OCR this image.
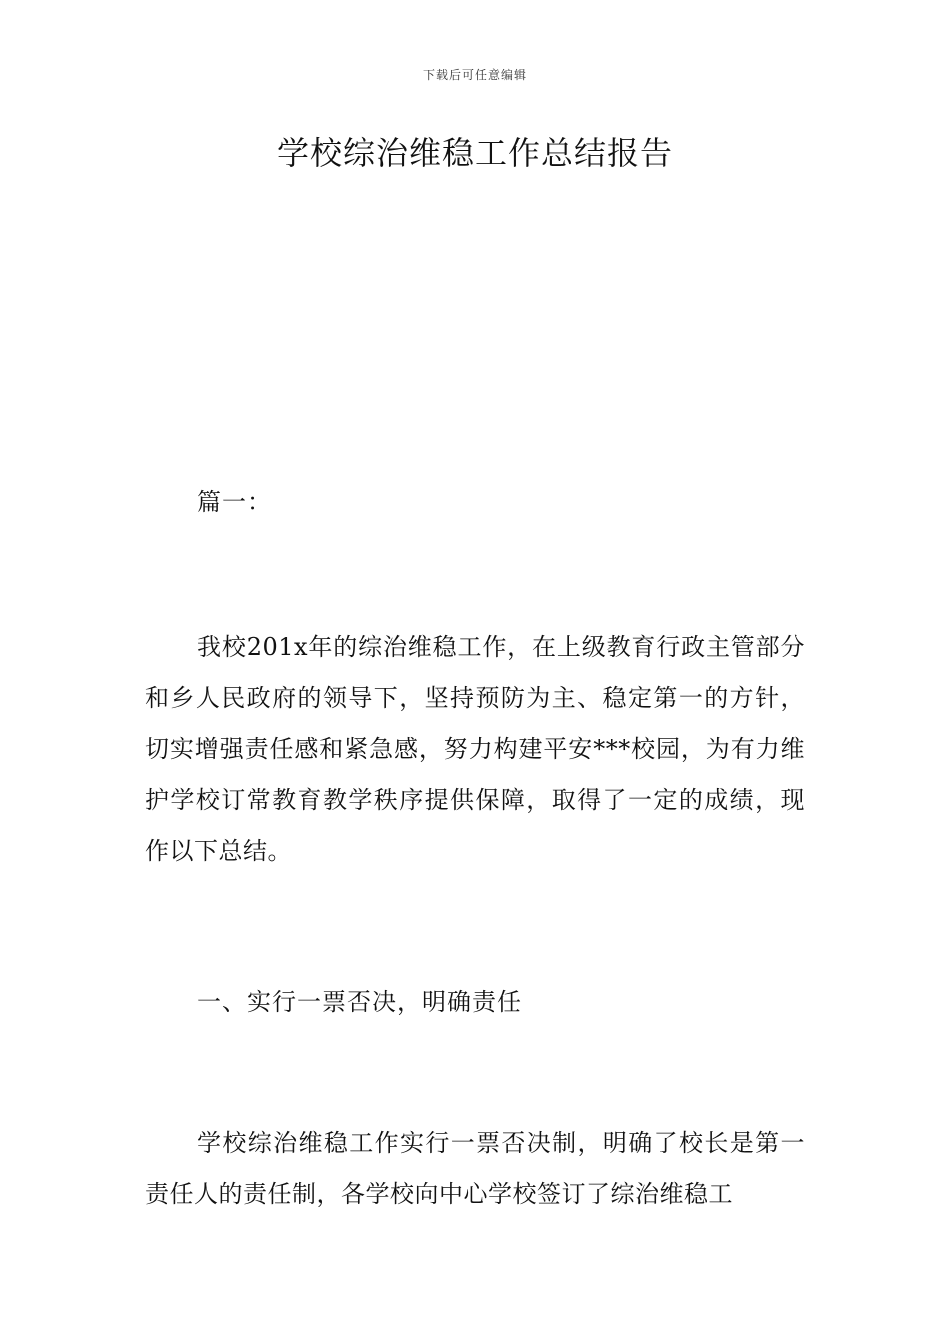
下载后可任意编辑
学校综治维稳工作总结报告
篇一：

我校201x年的综治维稳工作，在上级教育行政主管部分和乡人民政府的领导下，坚持预防为主、稳定第一的方针，切实增强责任感和紧急感，努力构建平安***校园，为有力维护学校订常教育教学秩序提供保障，取得了一定的成绩，现作以下总结。

一、实行一票否决，明确责任

学校综治维稳工作实行一票否决制，明确了校长是第一责任人的责任制，各学校向中心学校签订了综治维稳工
